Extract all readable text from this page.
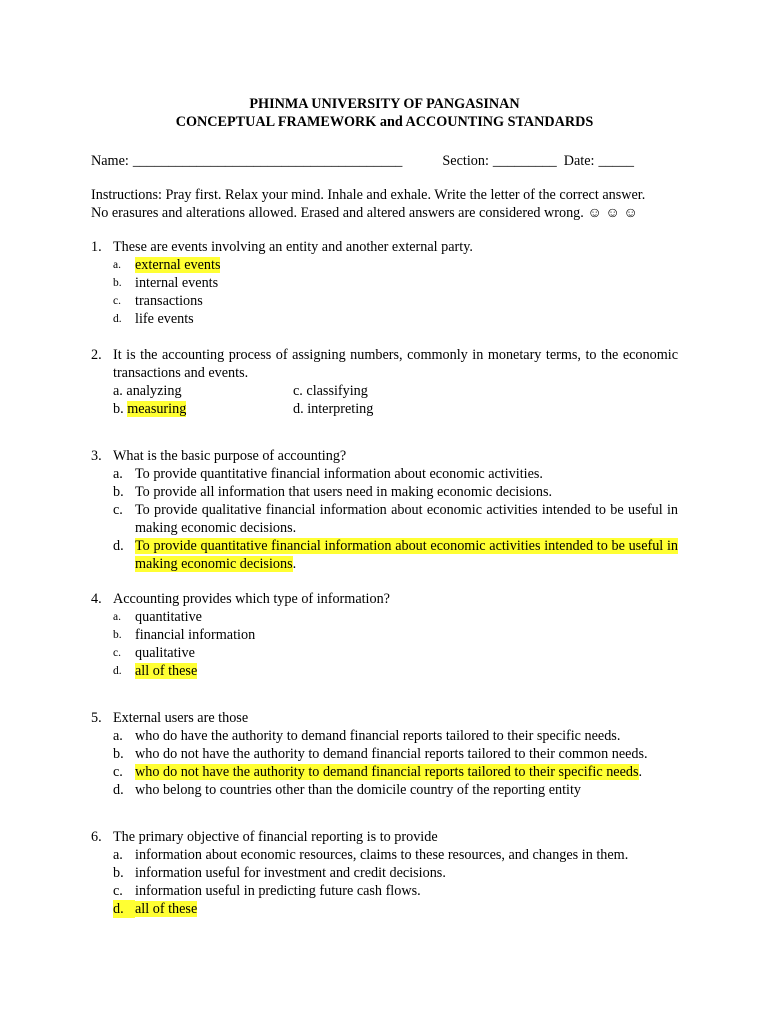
PHINMA UNIVERSITY OF PANGASINAN

CONCEPTUAL FRAMEWORK and ACCOUNTING STANDARDS

Name: ______________________________________	Section: _________ Date: _____
Instructions: Pray first. Relax your mind. Inhale and exhale. Write the letter of the correct answer.
No erasures and alterations allowed. Erased and altered answers are considered wrong. ☺ ☺ ☺
1. These are events involving an entity and another external party.
a. external events
b. internal events
c. transactions
d. life events
2. It is the accounting process of assigning numbers, commonly in monetary terms, to the economic transactions and events.
a. analyzing	c. classifying
b. measuring	d. interpreting
3. What is the basic purpose of accounting?
a. To provide quantitative financial information about economic activities.
b. To provide all information that users need in making economic decisions.
c. To provide qualitative financial information about economic activities intended to be useful in making economic decisions.
d. To provide quantitative financial information about economic activities intended to be useful in making economic decisions.
4. Accounting provides which type of information?
a. quantitative
b. financial information
c. qualitative
d. all of these
5. External users are those
a. who do have the authority to demand financial reports tailored to their specific needs.
b. who do not have the authority to demand financial reports tailored to their common needs.
c. who do not have the authority to demand financial reports tailored to their specific needs.
d. who belong to countries other than the domicile country of the reporting entity
6. The primary objective of financial reporting is to provide
a. information about economic resources, claims to these resources, and changes in them.
b. information useful for investment and credit decisions.
c. information useful in predicting future cash flows.
d. all of these
